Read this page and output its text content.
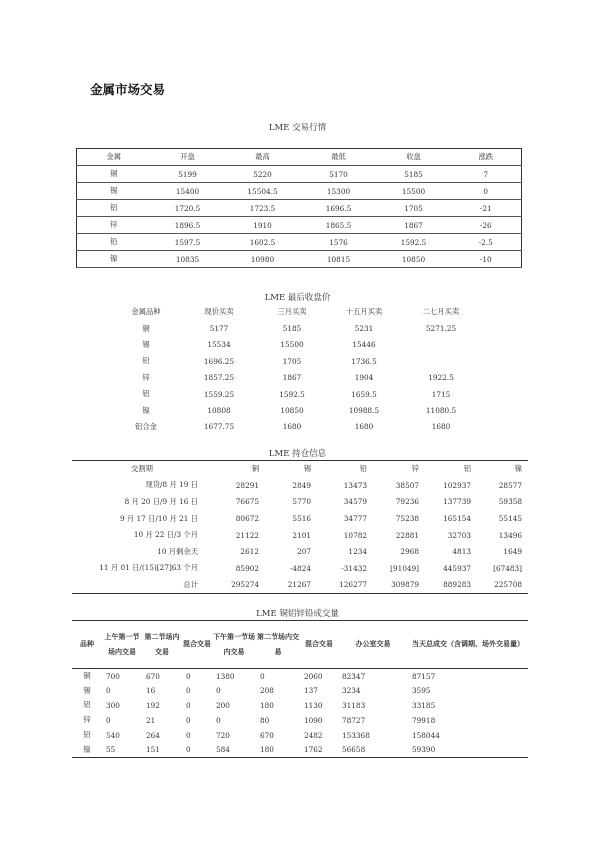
金属市场交易
LME 交易行情
金属	开盘	最高	最低	收盘	涨跌
铜	5199	5220	5170	5185	7
锡	15400	15504.5	15300	15500	0
铝	1720.5	1723.5	1696.5	1705	-21
锌	1896.5	1910	1865.5	1867	-26
铅	1597.5	1602.5	1576	1592.5	-2.5
镍	10835	10980	10815	10850	-10
LME 最后收盘价
金属品种	现价买卖	三月买卖	十五月买卖	二七月买卖
铜	5177	5185	5231	5271.25
锡	15534	15500	15446	
铅	1696.25	1705	1736.5	
锌	1857.25	1867	1904	1922.5
铝	1559.25	1592.5	1659.5	1715
镍	10808	10850	10988.5	11080.5
铝合金	1677.75	1680	1680	1680
LME 持仓信息
交割期	铜	锡	铅	锌	铝	镍
现货/8 月 19 日	28291	2849	13473	38507	102937	28577
8 月 20 日/9 月 16 日	76675	5770	34579	79236	137739	59358
9 月 17 日/10 月 21 日	80672	5516	34777	75238	165154	55145
10 月 22 日/3 个月	21122	2101	10782	22881	32703	13496
10 月剩余天	2612	207	1234	2968	4813	1649
11 月 01 日/(15)[27]63 个月	85902	-4824	-31432	[91049]	445937	[67483]
总计	295274	21267	126277	309879	889283	225708
LME 铜铝锌铅成交量
品种	上午第一节场内交易	第二节场内交易	混合交易	下午第一节场内交易	第二节场内交易	混合交易	办公室交易	当天总成交（含调期、场外交易量）
铜	700	670	0	1380	0	2060	82347	87157
锡	0	16	0	0	208	137	3234	3595
铝	300	192	0	200	180	1130	31183	33185
锌	0	21	0	0	80	1090	78727	79918
铅	540	264	0	720	670	2482	153368	158044
镍	55	151	0	584	180	1762	56658	59390
